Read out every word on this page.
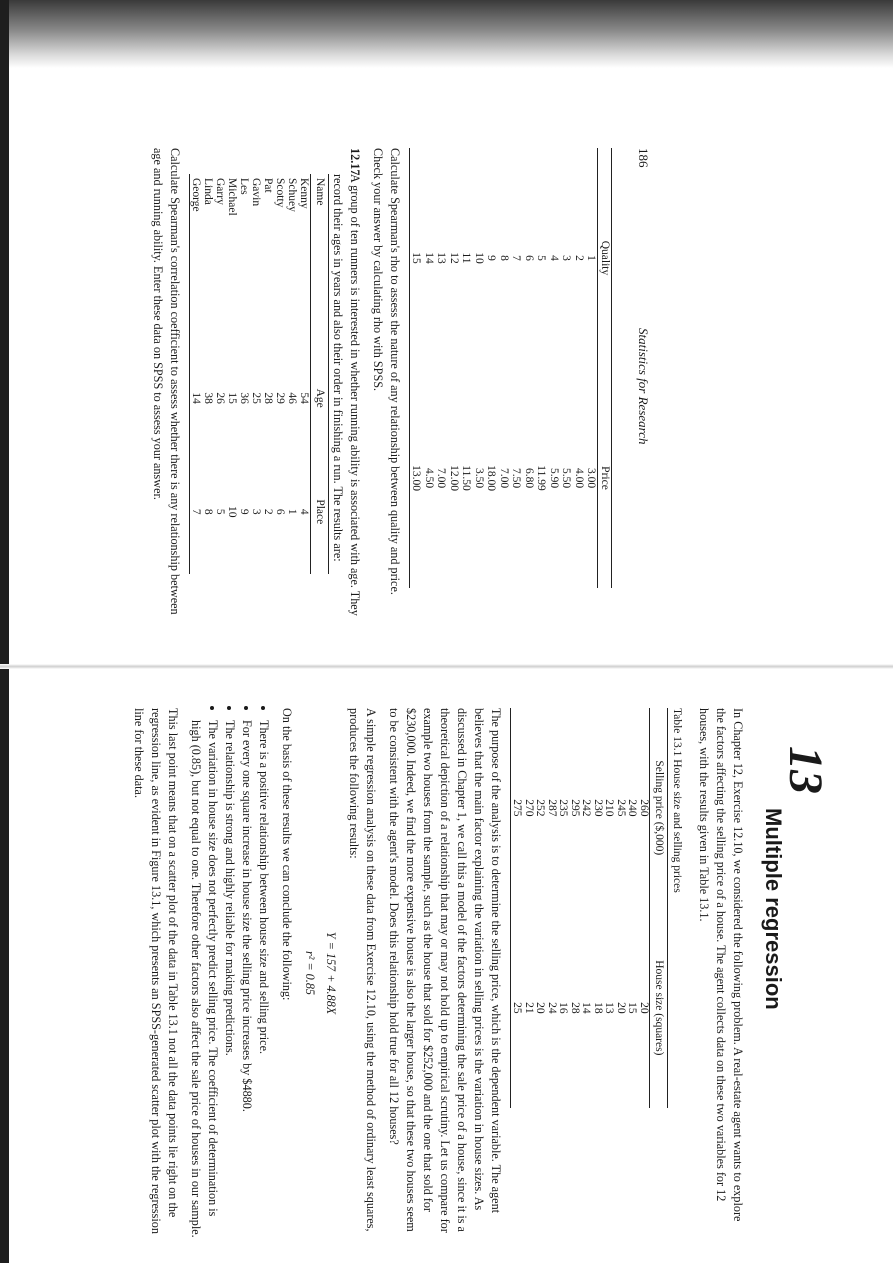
186
Statistics for Research
Quality	Price
1	3.00
2	4.00
3	5.50
4	5.90
5	11.99
6	6.80
7	7.50
8	7.00
9	18.00
10	3.50
11	11.50
12	12.00
13	7.00
14	4.50
15	13.00

Calculate Spearman's rho to assess the nature of any relationship between quality and price. Check your answer by calculating rho with SPSS.

12.17A group of ten runners is interested in whether running ability is associated with age. They record their ages in years and also their order in finishing a run. The results are:
Name	Age	Place
Kenny	54	4
Schuey	46	1
Scotty	29	6
Pat	28	2
Gavin	25	3
Les	36	9
Michael	15	10
Garry	26	5
Linda	38	8
George	14	7

Calculate Spearman's correlation coefficient to assess whether there is any relationship between age and running ability. Enter these data on SPSS to assess your answer.

13
Multiple regression

In Chapter 12, Exercise 12.10, we considered the following problem. A real-estate agent wants to explore the factors affecting the selling price of a house. The agent collects data on these two variables for 12 houses, with the results given in Table 13.1.

Table 13.1 House size and selling prices
Selling price ($,000)	House size (squares)
260	20
240	15
245	20
210	13
230	18
242	14
295	28
235	16
287	24
252	20
270	21
275	25

The purpose of the analysis is to determine the selling price, which is the dependent variable. The agent believes that the main factor explaining the variation in selling prices is the variation in house sizes. As discussed in Chapter 1, we call this a model of the factors determining the sale price of a house, since it is a theoretical depiction of a relationship that may or may not hold up to empirical scrutiny. Let us compare for example two houses from the sample, such as the house that sold for $252,000 and the one that sold for $230,000. Indeed, we find the more expensive house is also the larger house, so that these two houses seem to be consistent with the agent's model. Does this relationship hold true for all 12 houses?

A simple regression analysis on these data from Exercise 12.10, using the method of ordinary least squares, produces the following results:

Y = 157 + 4.88X
r² = 0.85

On the basis of these results we can conclude the following:

• There is a positive relationship between house size and selling price.
• For every one square increase in house size the selling price increases by $4880.
• The relationship is strong and highly reliable for making predictions.
• The variation in house size does not perfectly predict selling price. The coefficient of determination is high (0.85), but not equal to one. Therefore other factors also affect the sale price of houses in our sample.

This last point means that on a scatter plot of the data in Table 13.1 not all the data points lie right on the regression line, as evident in Figure 13.1, which presents an SPSS-generated scatter plot with the regression line for these data.
